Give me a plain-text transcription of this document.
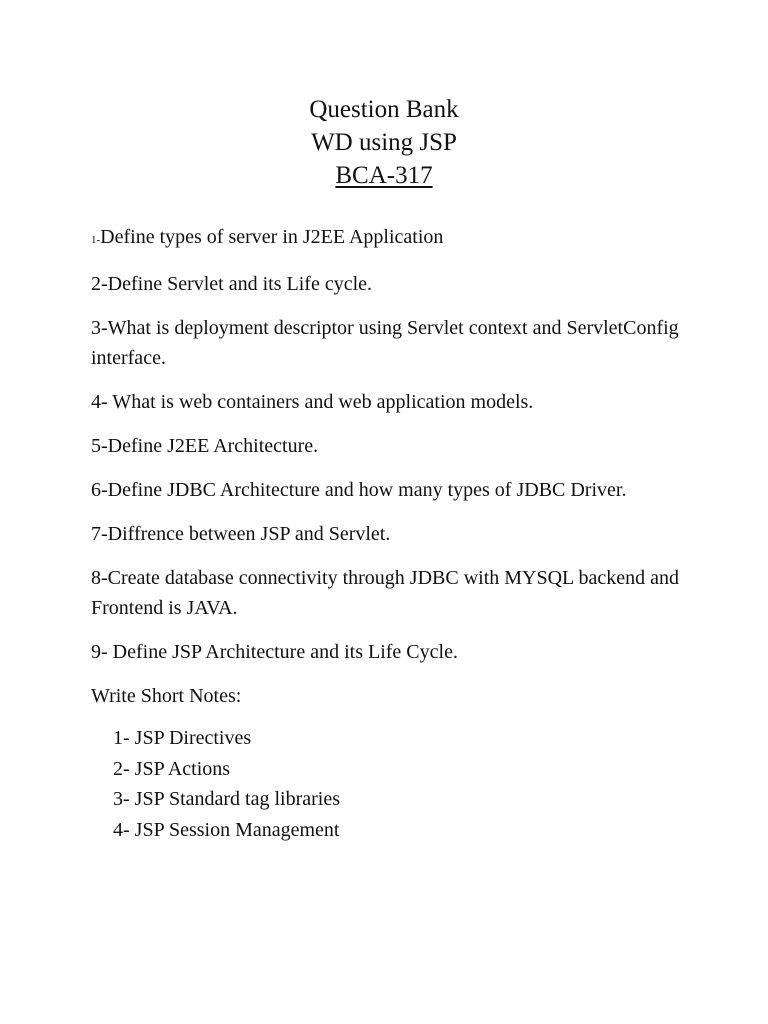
Question Bank
WD using JSP
BCA-317

1-Define types of server in J2EE Application

2-Define Servlet and its Life cycle.

3-What is deployment descriptor using Servlet context and ServletConfig interface.

4- What is web containers and web application models.

5-Define J2EE Architecture.

6-Define JDBC Architecture and how many types of JDBC Driver.

7-Diffrence between JSP and Servlet.

8-Create database connectivity through JDBC with MYSQL backend and Frontend is JAVA.

9- Define JSP Architecture and its Life Cycle.

Write Short Notes:

1- JSP Directives
2- JSP Actions
3- JSP Standard tag libraries
4- JSP Session Management
